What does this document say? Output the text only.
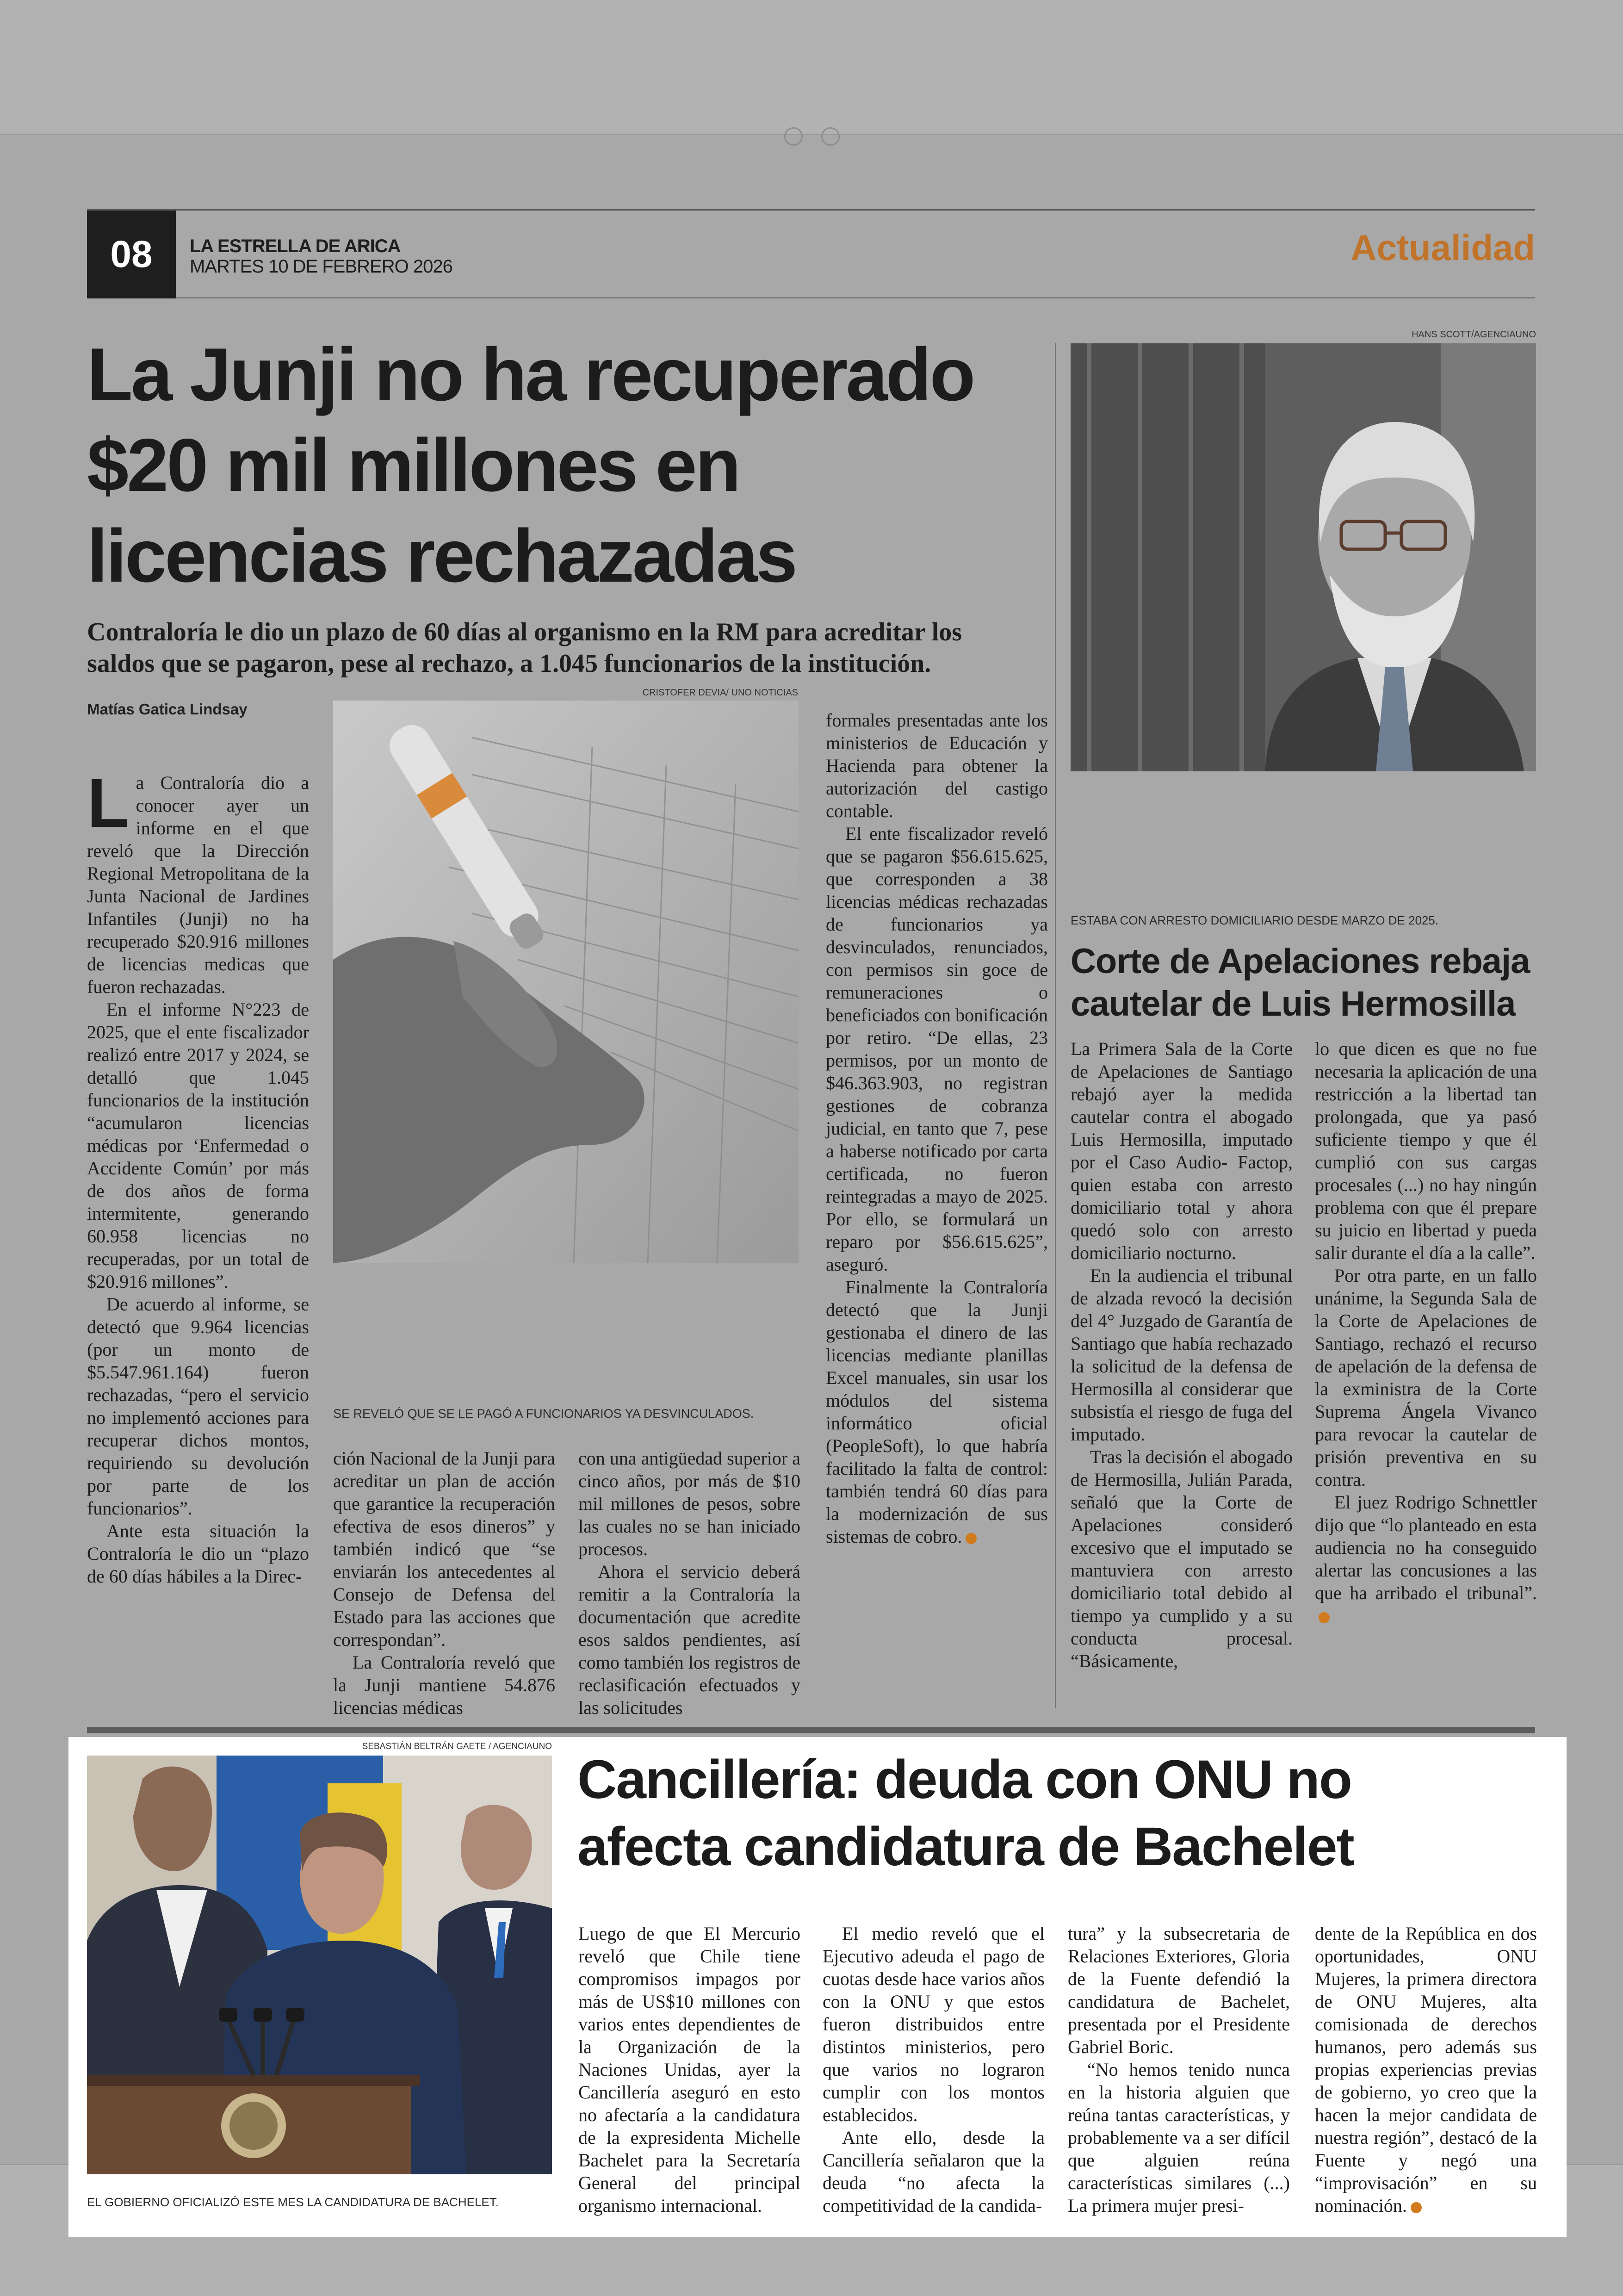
08 LA ESTRELLA DE ARICA
MARTES 10 DE FEBRERO 2026	Actualidad
La Junji no ha recuperado
$20 mil millones en
licencias rechazadas
Contraloría le dio un plazo de 60 días al organismo en la RM para acreditar los
saldos que se pagaron, pese al rechazo, a 1.045 funcionarios de la institución.
Matías Gatica Lindsay
CRISTOFER DEVIA/ UNO NOTICIAS
SE REVELÓ QUE SE LE PAGÓ A FUNCIONARIOS YA DESVINCULADOS.

L a Contraloría dio a conocer ayer un informe en el que reveló que la Dirección Regional Metropolitana de la Junta Nacional de Jardines Infantiles (Junji) no ha recuperado $20.916 millones de licencias medicas que fueron rechazadas.

En el informe N°223 de 2025, que el ente fiscalizador realizó entre 2017 y 2024, se detalló que 1.045 funcionarios de la institución “acumularon licencias médicas por ‘Enfermedad o Accidente Común’ por más de dos años de forma intermitente, generando 60.958 licencias no recuperadas, por un total de $20.916 millones”.

De acuerdo al informe, se detectó que 9.964 licencias (por un monto de $5.547.961.164) fueron rechazadas, “pero el servicio no implementó acciones para recuperar dichos montos, requiriendo su devolución por parte de los funcionarios”.

Ante esta situación la Contraloría le dio un “plazo de 60 días hábiles a la Direc-

ción Nacional de la Junji para acreditar un plan de acción que garantice la recuperación efectiva de esos dineros” y también indicó que “se enviarán los antecedentes al Consejo de Defensa del Estado para las acciones que correspondan”.

La Contraloría reveló que la Junji mantiene 54.876 licencias médicas

con una antigüedad superior a cinco años, por más de $10 mil millones de pesos, sobre las cuales no se han iniciado procesos.

Ahora el servicio deberá remitir a la Contraloría la documentación que acredite esos saldos pendientes, así como también los registros de reclasificación efectuados y las solicitudes

formales presentadas ante los ministerios de Educación y Hacienda para obtener la autorización del castigo contable.

El ente fiscalizador reveló que se pagaron $56.615.625, que corresponden a 38 licencias médicas rechazadas de funcionarios ya desvinculados, renunciados, con permisos sin goce de remuneraciones o beneficiados con bonificación por retiro. “De ellas, 23 permisos, por un monto de $46.363.903, no registran gestiones de cobranza judicial, en tanto que 7, pese a haberse notificado por carta certificada, no fueron reintegradas a mayo de 2025. Por ello, se formulará un reparo por $56.615.625”, aseguró.

Finalmente la Contraloría detectó que la Junji gestionaba el dinero de las licencias mediante planillas Excel manuales, sin usar los módulos del sistema informático oficial (PeopleSoft), lo que habría facilitado la falta de control: también tendrá 60 días para la modernización de sus sistemas de cobro.

HANS SCOTT/AGENCIAUNO
ESTABA CON ARRESTO DOMICILIARIO DESDE MARZO DE 2025.
Corte de Apelaciones rebaja
cautelar de Luis Hermosilla

La Primera Sala de la Corte de Apelaciones de Santiago rebajó ayer la medida cautelar contra el abogado Luis Hermosilla, imputado por el Caso Audio- Factop, quien estaba con arresto domiciliario total y ahora quedó solo con arresto domiciliario nocturno.

En la audiencia el tribunal de alzada revocó la decisión del 4° Juzgado de Garantía de Santiago que había rechazado la solicitud de la defensa de Hermosilla al considerar que subsistía el riesgo de fuga del imputado.

Tras la decisión el abogado de Hermosilla, Julián Parada, señaló que la Corte de Apelaciones consideró excesivo que el imputado se mantuviera con arresto domiciliario total debido al tiempo ya cumplido y a su conducta procesal. “Básicamente,

lo que dicen es que no fue necesaria la aplicación de una restricción a la libertad tan prolongada, que ya pasó suficiente tiempo y que él cumplió con sus cargas procesales (...) no hay ningún problema con que él prepare su juicio en libertad y pueda salir durante el día a la calle”.

Por otra parte, en un fallo unánime, la Segunda Sala de la Corte de Apelaciones de Santiago, rechazó el recurso de apelación de la defensa de la exministra de la Corte Suprema Ángela Vivanco para revocar la cautelar de prisión preventiva en su contra.

El juez Rodrigo Schnettler dijo que “lo planteado en esta audiencia no ha conseguido alertar las concusiones a las que ha arribado el tribunal”.

SEBASTIÁN BELTRÁN GAETE / AGENCIAUNO
EL GOBIERNO OFICIALIZÓ ESTE MES LA CANDIDATURA DE BACHELET.
Cancillería: deuda con ONU no
afecta candidatura de Bachelet

Luego de que El Mercurio reveló que Chile tiene compromisos impagos por más de US$10 millones con varios entes dependientes de la Organización de la Naciones Unidas, ayer la Cancillería aseguró en esto no afectaría a la candidatura de la expresidenta Michelle Bachelet para la Secretaría General del principal organismo internacional.

El medio reveló que el Ejecutivo adeuda el pago de cuotas desde hace varios años con la ONU y que estos fueron distribuidos entre distintos ministerios, pero que varios no lograron cumplir con los montos establecidos.

Ante ello, desde la Cancillería señalaron que la deuda “no afecta la competitividad de la candida-

tura” y la subsecretaria de Relaciones Exteriores, Gloria de la Fuente defendió la candidatura de Bachelet, presentada por el Presidente Gabriel Boric.

“No hemos tenido nunca en la historia alguien que reúna tantas características, y probablemente va a ser difícil que alguien reúna características similares (...) La primera mujer presi-

dente de la República en dos oportunidades, ONU Mujeres, la primera directora de ONU Mujeres, alta comisionada de derechos humanos, pero además sus propias experiencias previas de gobierno, yo creo que la hacen la mejor candidata de nuestra región”, destacó de la Fuente y negó una “improvisación” en su nominación.
